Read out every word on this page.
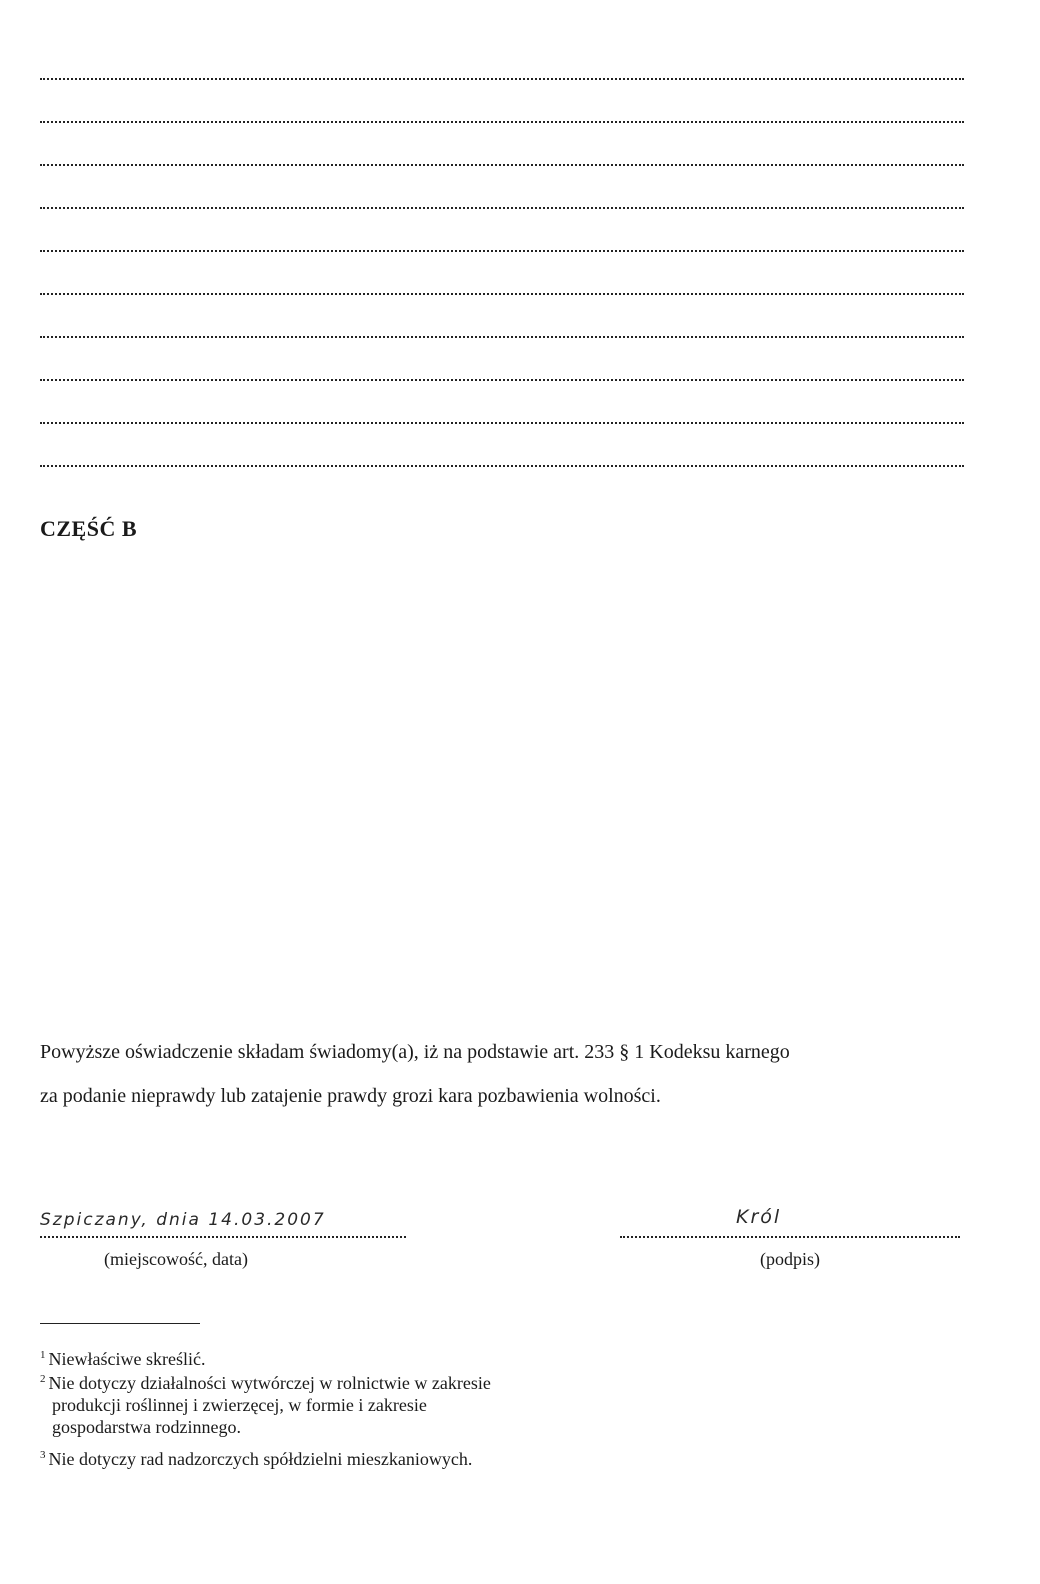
CZĘŚĆ B
Powyższe oświadczenie składam świadomy(a), iż na podstawie art. 233 § 1 Kodeksu karnego
za podanie nieprawdy lub zatajenie prawdy grozi kara pozbawienia wolności.
Szpiczany, dnia 14.03.2007
(miejscowość, data)
Król
(podpis)
$^1$ Niewłaściwe skreślić.
$^2$ Nie dotyczy działalności wytwórczej w rolnictwie w zakresie
produkcji roślinnej i zwierzęcej, w formie i zakresie
gospodarstwa rodzinnego.
$^3$ Nie dotyczy rad nadzorczych spółdzielni mieszkaniowych.
